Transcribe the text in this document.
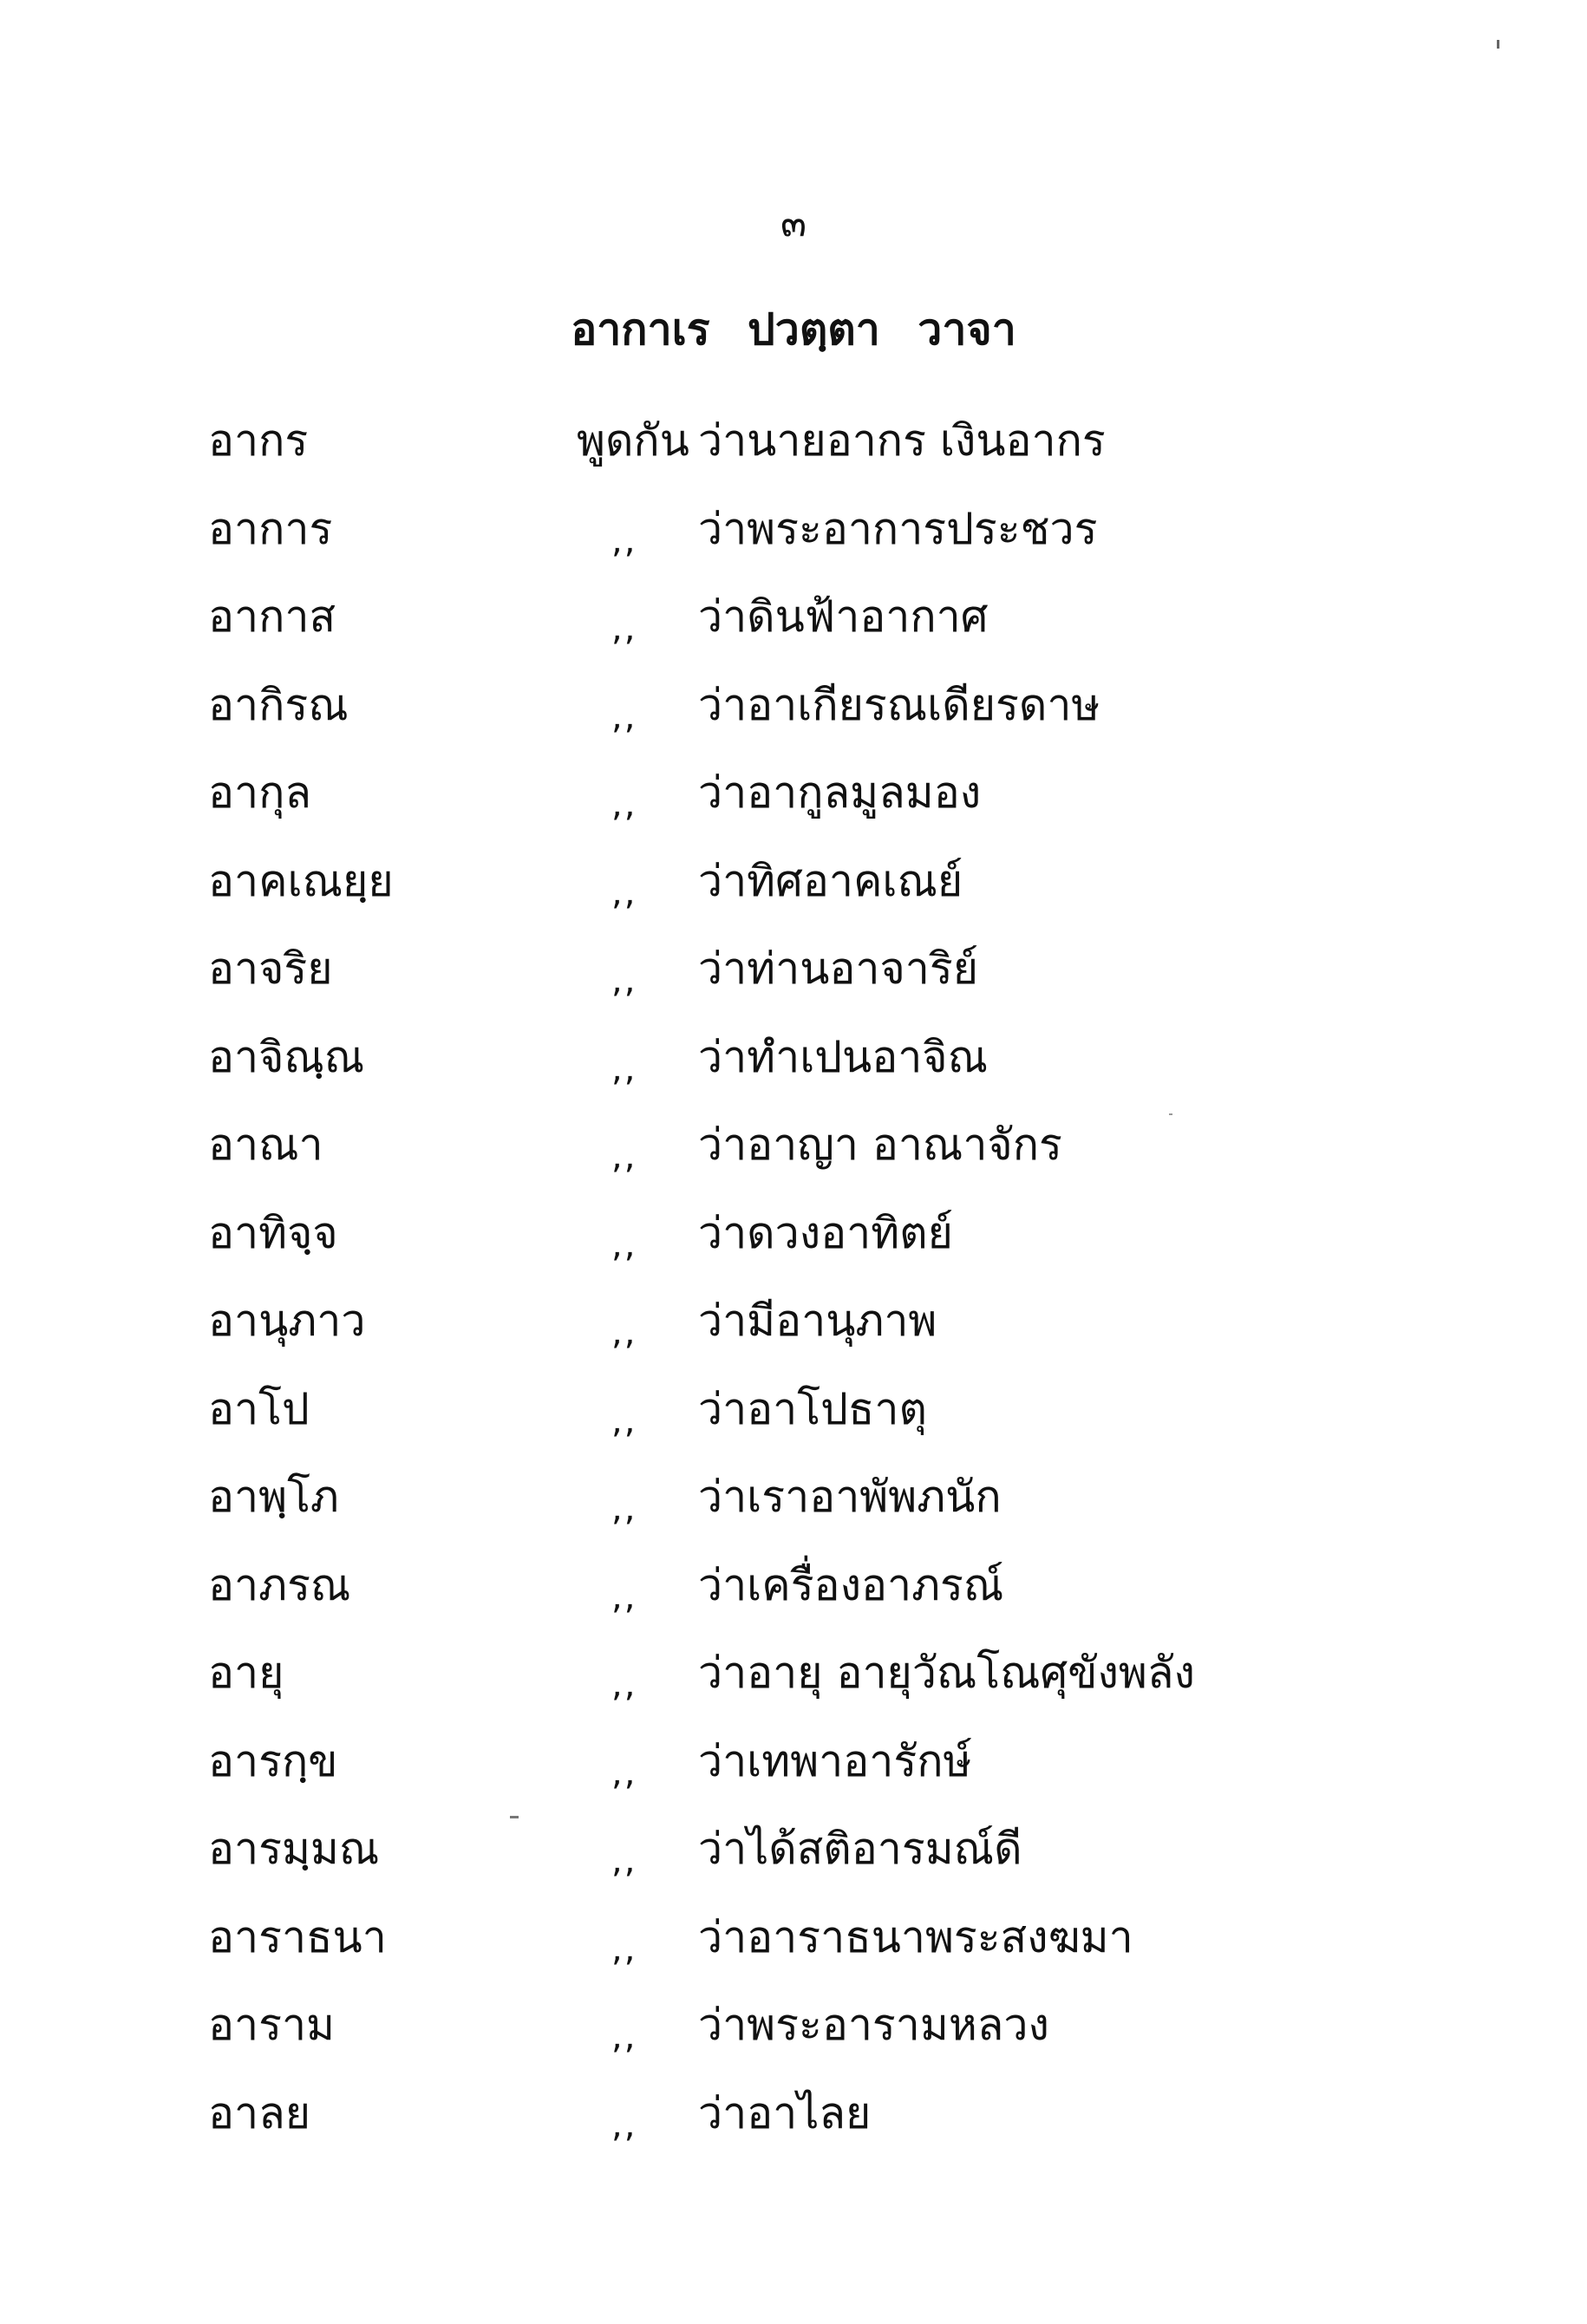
๓
อากาเร ปวตฺตา วาจา
อากร	พูดกัน ว่านายอากร เงินอากร
อาการ	,, ว่าพระอาการประชวร
อากาส	,, ว่าดินฟ้าอากาศ
อากิรณ	,, ว่าอาเกียรณเดียรดาษ
อากุล	,, ว่าอากูลมูลมอง
อาคเณยฺย	,, ว่าทิศอาคเณย์
อาจริย	,, ว่าท่านอาจาริย์
อาจิณฺณ	,, ว่าทำเปนอาจิณ
อาณา	,, ว่าอาญา อาณาจักร
อาทิจฺจ	,, ว่าดวงอาทิตย์
อานุภาว	,, ว่ามีอานุภาพ
อาโป	,, ว่าอาโปธาตุ
อาพฺโภ	,, ว่าเราอาพัพภนัก
อาภรณ	,, ว่าเครื่องอาภรณ์
อายุ	,, ว่าอายุ อายุวัณโณศุขังพลัง
อารกฺข	,, ว่าเทพาอารักษ์
อารมฺมณ	,, ว่าได้สติอารมณ์ดี
อาราธนา	,, ว่าอาราธนาพระสงฆมา
อาราม	,, ว่าพระอารามหลวง
อาลย	,, ว่าอาไลย
